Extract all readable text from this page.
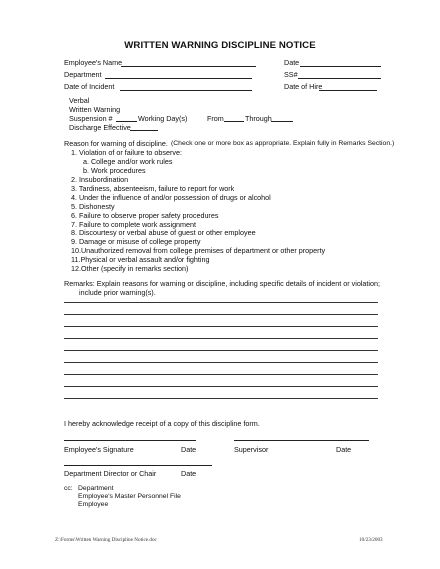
WRITTEN WARNING DISCIPLINE NOTICE
Employee's Name	Date
Department	SS#
Date of Incident	Date of Hire
Verbal
Written Warning
Suspension #	Working Day(s)	From	Through
Discharge Effective
Reason for warning of discipline. (Check one or more box as appropriate. Explain fully in Remarks Section.)
1. Violation of or failure to observe:
a. College and/or work rules
b. Work procedures
2. Insubordination
3. Tardiness, absenteeism, failure to report for work
4. Under the influence of and/or possession of drugs or alcohol
5. Dishonesty
6. Failure to observe proper safety procedures
7. Failure to complete work assignment
8. Discourtesy or verbal abuse of guest or other employee
9. Damage or misuse of college property
10.Unauthorized removal from college premises of department or other property
11.Physical or verbal assault and/or fighting
12.Other (specify in remarks section)
Remarks: Explain reasons for warning or discipline, including specific details of incident or violation;
include prior warning(s).
I hereby acknowledge receipt of a copy of this discipline form.
Employee's Signature	Date	Supervisor	Date
Department Director or Chair	Date
cc: Department
Employee's Master Personnel File
Employee
Z:\Forms\Written Warning Discipline Notice.doc	10/23/2003
